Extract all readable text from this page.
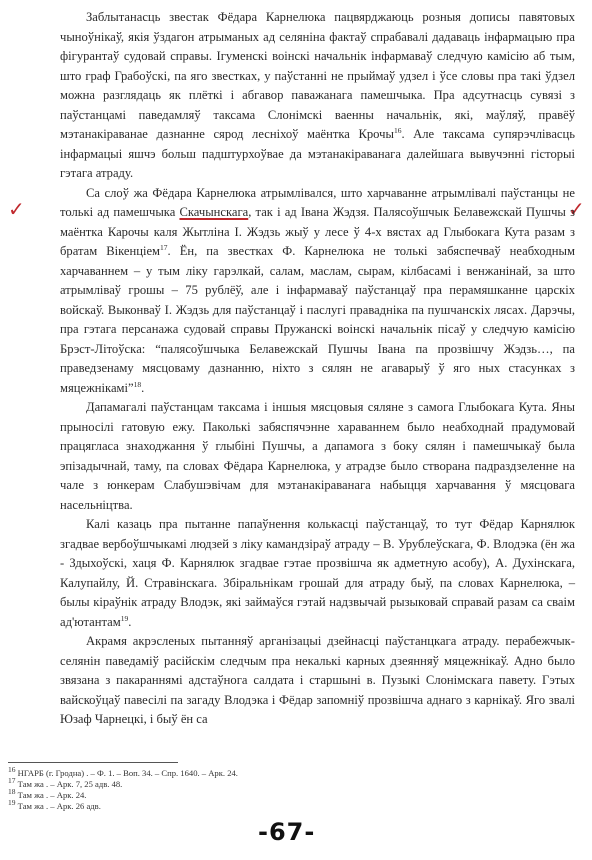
✓	✓

Заблытанасць звестак Фёдара Карнелюка пацвярджаюць розныя дописы павятовых чыноўнікаў, якія ўздагон атрыманых ад селяніна фактаў спрабавалі дадаваць інфармацыю пра фігурантаў судовай справы. Ігуменскі воінскі начальнік інфармаваў следчую камісію аб тым, што граф Грабоўскі, па яго звестках, у паўстанні не прыймаў удзел і ўсе словы пра такі ўдзел можна разглядаць як плёткі і абгавор паважанага памешчыка. Пра адсутнасць сувязі з паўстанцамі паведамляў таксама Слонімскі ваенны начальнік, які, маўляў, правёў мэтанакіраванае дазнанне сярод лесніхоў маёнтка Крочы$^{16}$. Але таксама супярэчлівасць інфармацыі яшчэ больш падштурхоўвае да мэтанакіраванага далейшага вывучэнні гісторыі гэтага атраду.

Са слоў жа Фёдара Карнелюка атрымлівался, што харчаванне атрымлівалі паўстанцы не толькі ад памешчыка Скачынскага, так і ад Івана Жэдзя. Паляcоўшчык Белавежскай Пушчы з маёнтка Карочы каля Жытліна І. Жэдзь жыў у лесе ў 4-х вястах ад Глыбокага Кута разам з братам Вікенціем$^{17}$. Ён, па звестках Ф. Карнелюка не толькі забяспечваў неабходным харчаваннем – у тым ліку гарэлкай, салам, маслам, сырам, кілбасамі і венжанінай, за што атрымліваў грошы – 75 рублёў, але і інфармаваў паўстанцаў пра перамяшканне царскіх войскаў. Выконваў І. Жэдзь для паўстанцаў і паслугі праваднiка па пушчанскіх лясах. Дарэчы, пра гэтага персанажа судовай справы Пружанскі воінскі начальнік пісаў у следчую камісію Брэст-Літоўскa: “палясоўшчыка Белавежскай Пушчы Івана па прозвішчу Жэдзь…, па праведзенаму мясцоваму дазнанню, ніхто з сялян не агаварыў ў яго ных стасунках з мяцежнікамі”$^{18}$.

Дапамагалі паўстанцам таксама і іншыя мясцовыя сяляне з самога Глыбокага Кута. Яны прыносілі гатовую ежу. Паколькі забяспячэнне харaваннем было неабходнай прадумовай працягласа знаходжання ў глыбіні Пушчы, а дапамога з боку сялян і памешчыкаў была эпізадычнай, таму, па словах Фёдара Карнелюка, у атрадзе было створана падраздзеленне на чале з юнкерам Слабушэвічам для мэтанакіраванага набыцця харчавання ў мясцовага насельніцтва.

Калі казаць пра пытанне папаўнення колькасці паўстанцаў, то тут Фёдар Карнялюк згадвае вербоўшчыкамі людзей з ліку камандзіраў атраду – В. Урублеўскага, Ф. Влодэка (ён жа - Здыхоўскі, хаця Ф. Карнялюк згадвае гэтае прозвішча як адметную асобу), А. Духінскага, Калупайлу, Й. Стравінскага. Збіральнікам грошай для атраду быў, па словах Карнелюка, – былы кіраўнік атраду Влодэк, які займаўся гэтай надзвычай рызыковай справай разам са сваім ад'ютантам$^{19}$.

Акрамя акрэсленых пытанняў арганізацыі дзейнасці паўстанцкага атраду. перабежчык-селянін паведаміў расійскім следчым пра некалькі карных дзеянняў мяцежнікаў. Адно было звязана з пакараннямі адстаўнога салдата і старшыні в. Пузыкі Слонімскага павету. Гэтых вайскоўцаў павесілі па загаду Влодэка і Фёдар запомніў прозвішча аднаго з карнікаў. Яго звалі Юзаф Чарнецкі, і быў ён са

$^{16}$ НГАРБ (г. Гродна) . – Ф. 1. – Воп. 34. – Спр. 1640. – Арк. 24.
$^{17}$ Там жа . – Арк. 7, 25 адв. 48.
$^{18}$ Там жа . – Арк. 24.
$^{19}$ Там жа . – Арк. 26 адв.
-67-
